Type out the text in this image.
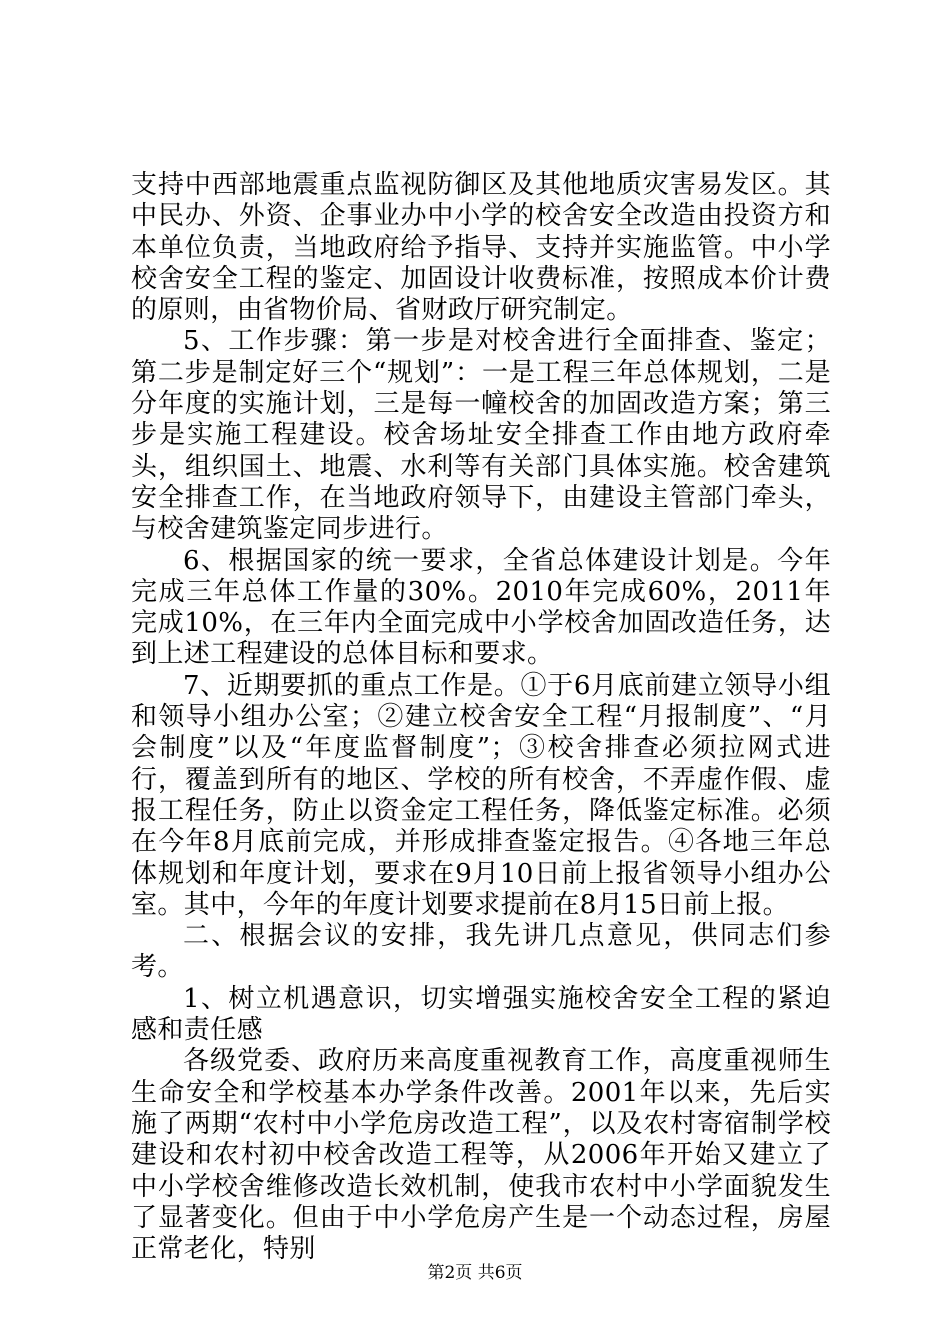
支持中西部地震重点监视防御区及其他地质灾害易发区。其中民办、外资、企事业办中小学的校舍安全改造由投资方和本单位负责，当地政府给予指导、支持并实施监管。中小学校舍安全工程的鉴定、加固设计收费标准，按照成本价计费的原则，由省物价局、省财政厅研究制定。

5、工作步骤：第一步是对校舍进行全面排查、鉴定；第二步是制定好三个“规划”：一是工程三年总体规划，二是分年度的实施计划，三是每一幢校舍的加固改造方案；第三步是实施工程建设。校舍场址安全排查工作由地方政府牵头，组织国土、地震、水利等有关部门具体实施。校舍建筑安全排查工作，在当地政府领导下，由建设主管部门牵头，与校舍建筑鉴定同步进行。

6、根据国家的统一要求，全省总体建设计划是。今年完成三年总体工作量的30%。2010年完成60%，2011年完成10%，在三年内全面完成中小学校舍加固改造任务，达到上述工程建设的总体目标和要求。

7、近期要抓的重点工作是。①于6月底前建立领导小组和领导小组办公室；②建立校舍安全工程“月报制度”、“月会制度”以及“年度监督制度”；③校舍排查必须拉网式进行，覆盖到所有的地区、学校的所有校舍，不弄虚作假、虚报工程任务，防止以资金定工程任务，降低鉴定标准。必须在今年8月底前完成，并形成排查鉴定报告。④各地三年总体规划和年度计划，要求在9月10日前上报省领导小组办公室。其中，今年的年度计划要求提前在8月15日前上报。

二、根据会议的安排，我先讲几点意见，供同志们参考。

1、树立机遇意识，切实增强实施校舍安全工程的紧迫感和责任感

各级党委、政府历来高度重视教育工作，高度重视师生生命安全和学校基本办学条件改善。2001年以来，先后实施了两期“农村中小学危房改造工程”，以及农村寄宿制学校建设和农村初中校舍改造工程等，从2006年开始又建立了中小学校舍维修改造长效机制，使我市农村中小学面貌发生了显著变化。但由于中小学危房产生是一个动态过程，房屋正常老化，特别

第2页 共6页
